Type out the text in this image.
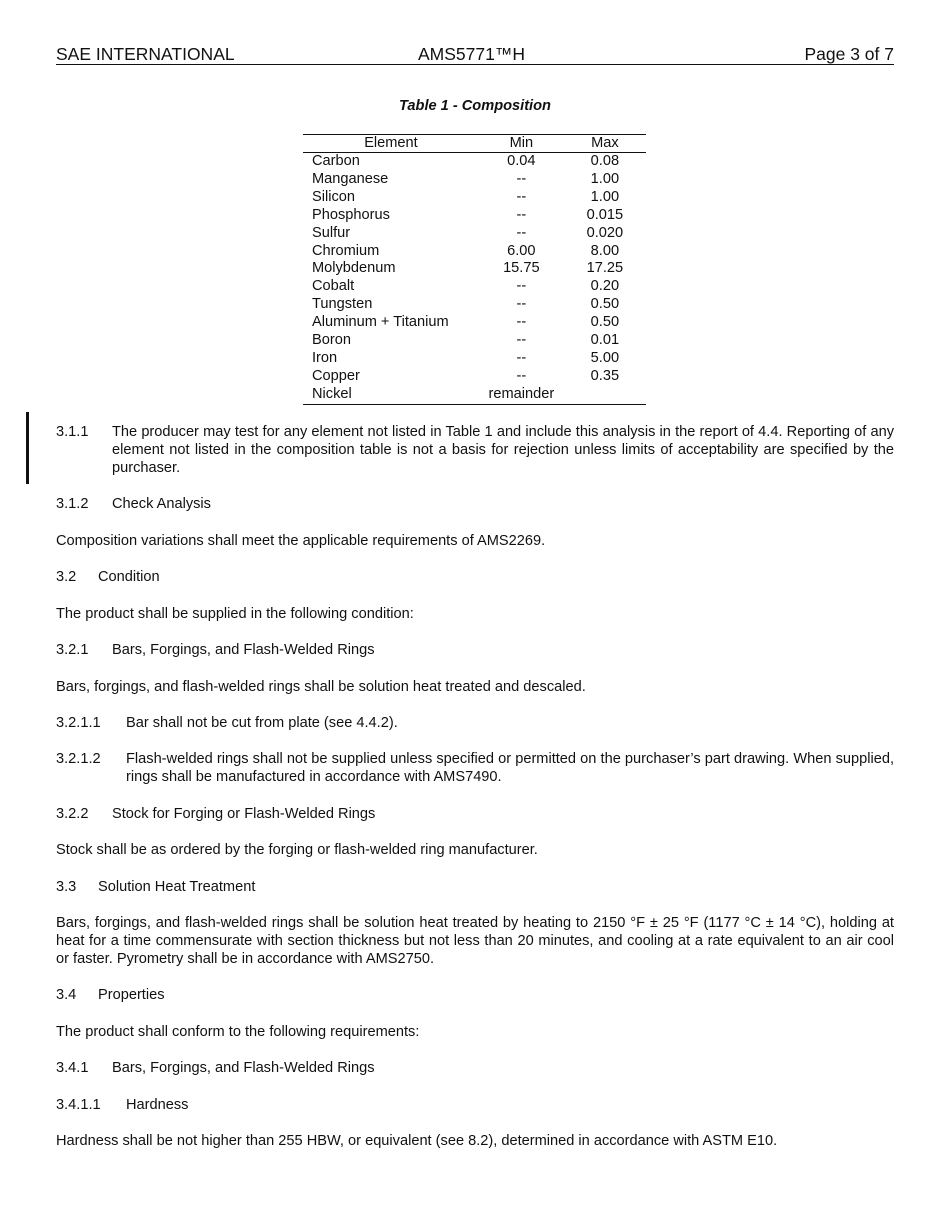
SAE INTERNATIONAL	AMS5771™H	Page 3 of 7
Table 1 - Composition
Element	Min	Max
Carbon	0.04	0.08
Manganese	--	1.00
Silicon	--	1.00
Phosphorus	--	0.015
Sulfur	--	0.020
Chromium	6.00	8.00
Molybdenum	15.75	17.25
Cobalt	--	0.20
Tungsten	--	0.50
Aluminum + Titanium	--	0.50
Boron	--	0.01
Iron	--	5.00
Copper	--	0.35
Nickel	remainder	
3.1.1 The producer may test for any element not listed in Table 1 and include this analysis in the report of 4.4. Reporting of any element not listed in the composition table is not a basis for rejection unless limits of acceptability are specified by the purchaser.
3.1.2 Check Analysis
Composition variations shall meet the applicable requirements of AMS2269.
3.2 Condition
The product shall be supplied in the following condition:
3.2.1 Bars, Forgings, and Flash-Welded Rings
Bars, forgings, and flash-welded rings shall be solution heat treated and descaled.
3.2.1.1 Bar shall not be cut from plate (see 4.4.2).
3.2.1.2 Flash-welded rings shall not be supplied unless specified or permitted on the purchaser’s part drawing. When supplied, rings shall be manufactured in accordance with AMS7490.
3.2.2 Stock for Forging or Flash-Welded Rings
Stock shall be as ordered by the forging or flash-welded ring manufacturer.
3.3 Solution Heat Treatment
Bars, forgings, and flash-welded rings shall be solution heat treated by heating to 2150 °F ± 25 °F (1177 °C ± 14 °C), holding at heat for a time commensurate with section thickness but not less than 20 minutes, and cooling at a rate equivalent to an air cool or faster. Pyrometry shall be in accordance with AMS2750.
3.4 Properties
The product shall conform to the following requirements:
3.4.1 Bars, Forgings, and Flash-Welded Rings
3.4.1.1 Hardness
Hardness shall be not higher than 255 HBW, or equivalent (see 8.2), determined in accordance with ASTM E10.
